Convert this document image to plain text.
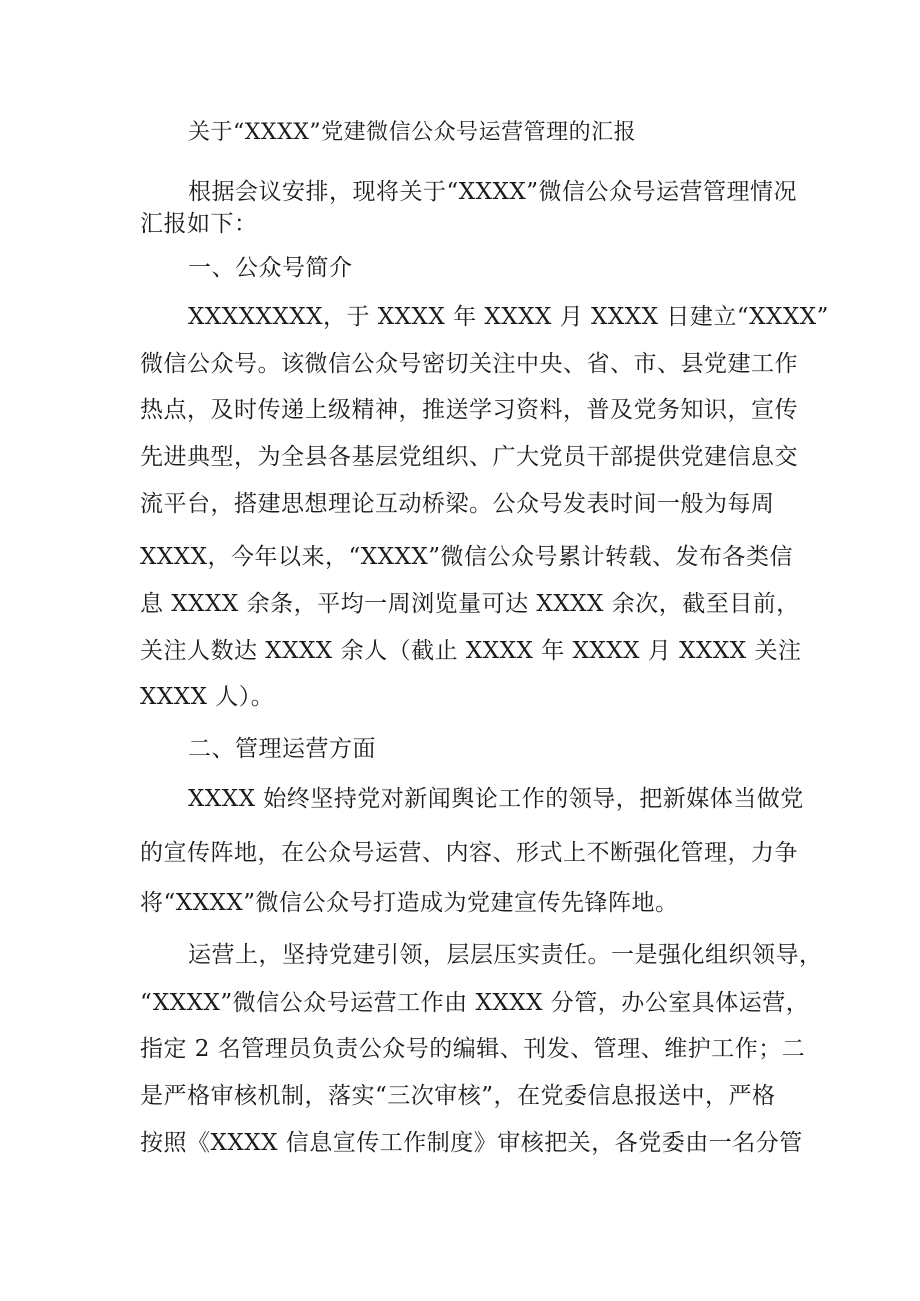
关于“XXXX”党建微信公众号运营管理的汇报

根据会议安排，现将关于“XXXX”微信公众号运营管理情况

汇报如下：

一、公众号简介

XXXXXXXX，于 XXXX 年 XXXX 月 XXXX 日建立“XXXX”

微信公众号。该微信公众号密切关注中央、省、市、县党建工作

热点，及时传递上级精神，推送学习资料，普及党务知识，宣传

先进典型，为全县各基层党组织、广大党员干部提供党建信息交

流平台，搭建思想理论互动桥梁。公众号发表时间一般为每周

XXXX，今年以来，“XXXX”微信公众号累计转载、发布各类信

息 XXXX 余条，平均一周浏览量可达 XXXX 余次，截至目前，

关注人数达 XXXX 余人（截止 XXXX 年 XXXX 月 XXXX 关注

XXXX 人）。

二、管理运营方面

XXXX 始终坚持党对新闻舆论工作的领导，把新媒体当做党

的宣传阵地，在公众号运营、内容、形式上不断强化管理，力争

将“XXXX”微信公众号打造成为党建宣传先锋阵地。

运营上，坚持党建引领，层层压实责任。一是强化组织领导，

“XXXX”微信公众号运营工作由 XXXX 分管，办公室具体运营，

指定 2 名管理员负责公众号的编辑、刊发、管理、维护工作；二

是严格审核机制，落实“三次审核”，在党委信息报送中，严格

按照《XXXX 信息宣传工作制度》审核把关，各党委由一名分管
